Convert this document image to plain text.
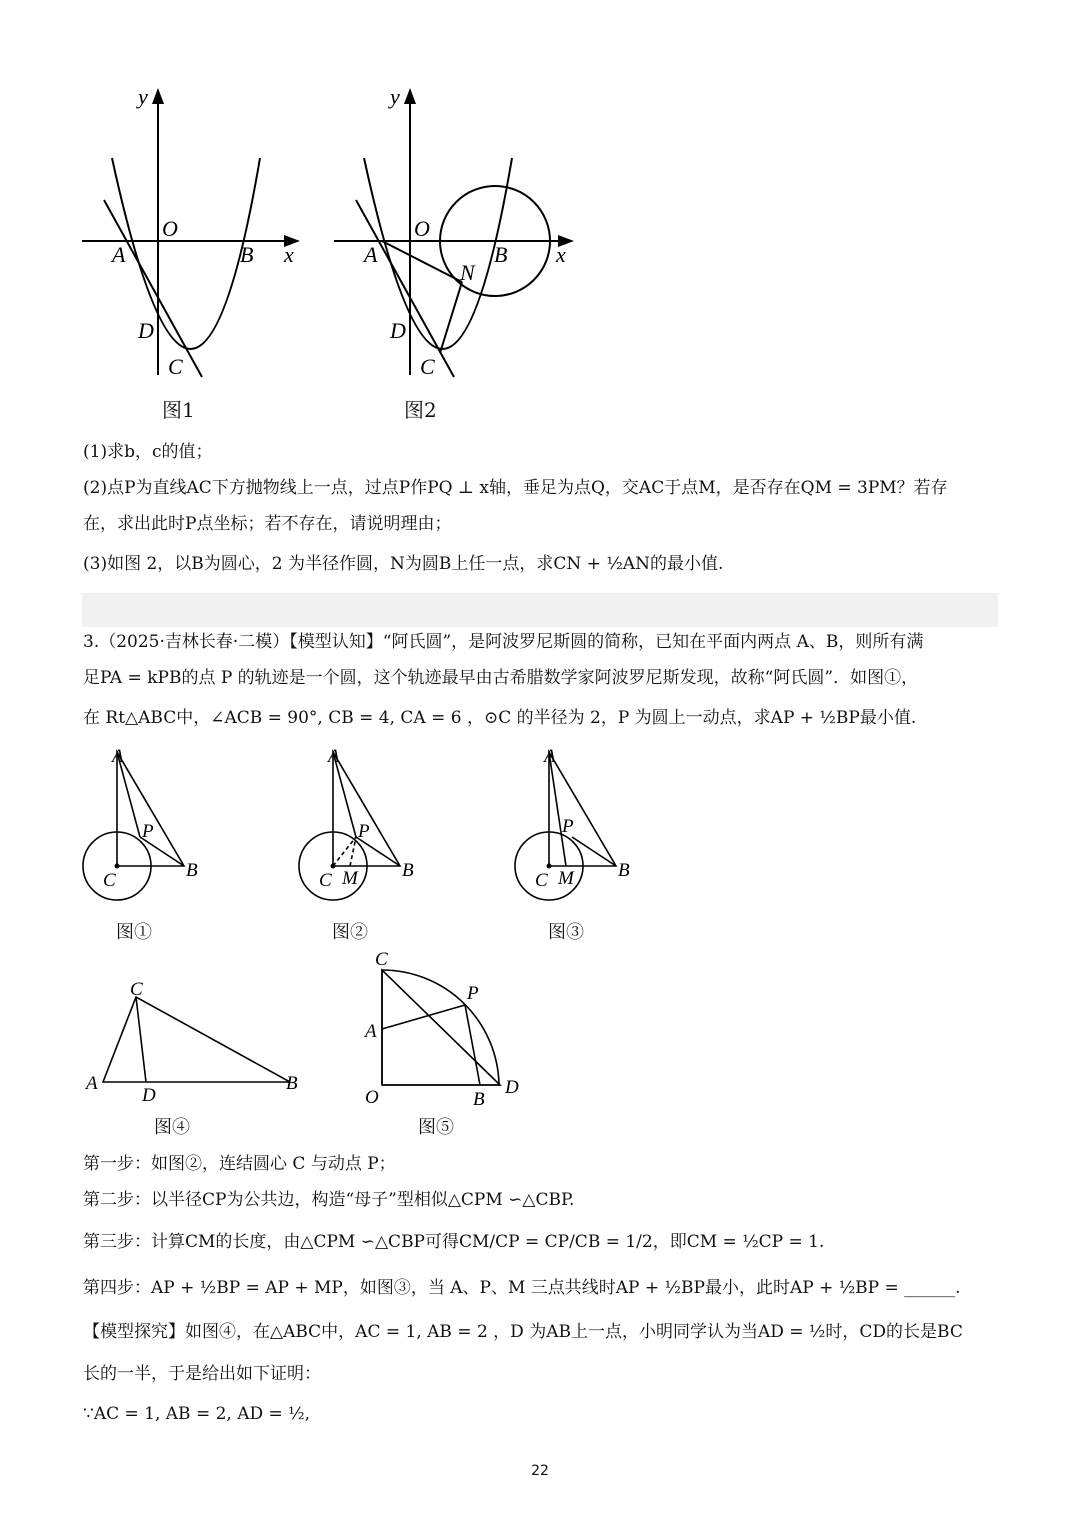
y
O
A	B x
D
C
图1
y
O
A	B x
N
D
C
图2
(1)求b，c的值；
(2)点P为直线AC下方抛物线上一点，过点P作PQ ⊥ x轴，垂足为点Q，交AC于点M，是否存在QM = 3PM？若存
在，求出此时P点坐标；若不存在，请说明理由；
(3)如图 2，以B为圆心，2 为半径作圆，N为圆B上任一点，求CN + ½AN的最小值.
3.（2025·吉林长春·二模）【模型认知】“阿氏圆”，是阿波罗尼斯圆的简称，已知在平面内两点 A、B，则所有满
足PA = kPB的点 P 的轨迹是一个圆，这个轨迹最早由古希腊数学家阿波罗尼斯发现，故称“阿氏圆”．如图①，
在 Rt△ABC中，∠ACB = 90°, CB = 4, CA = 6 ，⊙C 的半径为 2，P 为圆上一动点，求AP + ½BP最小值.
A
P
C	B
图①
A
P
C M B
图②
A
P
C M B
图③
C
A
D
B
图④
C
P
A
O	B
D
图⑤
第一步：如图②，连结圆心 C 与动点 P；
第二步：以半径CP为公共边，构造“母子”型相似△CPM ∽△CBP.
第三步：计算CM的长度，由△CPM ∽△CBP可得CM/CP = CP/CB = 1/2，即CM = ½CP = 1.
第四步：AP + ½BP = AP + MP，如图③，当 A、P、M 三点共线时AP + ½BP最小，此时AP + ½BP = ______.
【模型探究】如图④，在△ABC中，AC = 1, AB = 2 ，D 为AB上一点，小明同学认为当AD = ½时，CD的长是BC
长的一半，于是给出如下证明：
∵AC = 1, AB = 2, AD = ½,
22
